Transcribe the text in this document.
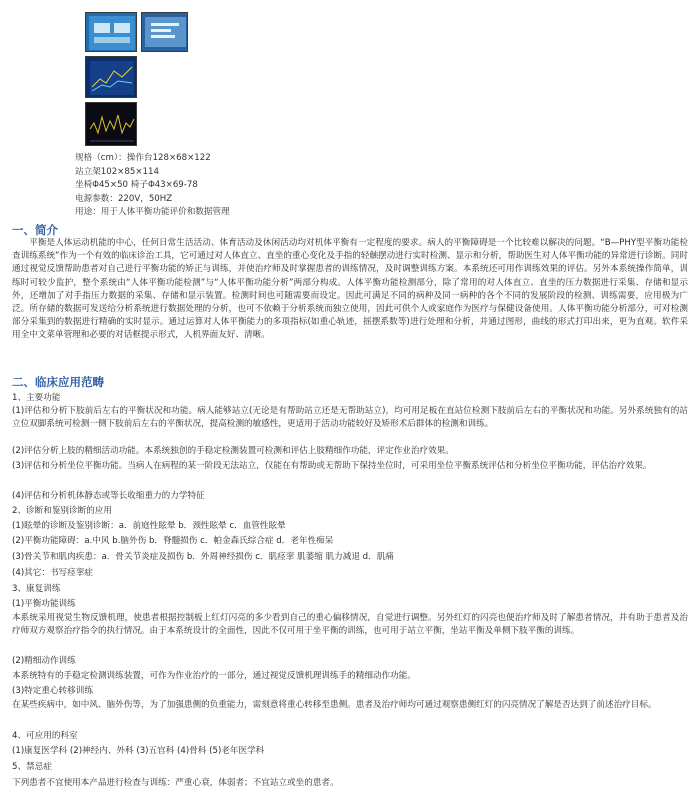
规格（cm）：操作台128×68×122
站立架102×85×114
坐椅Φ45×50 椅子Φ43×69-78
电源参数：220V，50HZ
用途：用于人体平衡功能评价和数据管理
一、简介
平衡是人体运动机能的中心，任何日常生活活动、体育活动及休闲活动均对机体平衡有一定程度的要求。病人的平衡障碍是一个比较难以解决的问题。“B—PHY型平衡功能检查训练系统”作为一个有效的临床诊治工具，它可通过对人体直立、直坐的重心变化及手指的轻触摆动进行实时检测、显示和分析，帮助医生对人体平衡功能的异常进行诊断。同时通过视觉反馈帮助患者对自己进行平衡功能的矫正与训练，并使治疗师及时掌握患者的训练情况，及时调整训练方案。本系统还可用作训练效果的评估。另外本系统操作简单，训练时可较少监护，整个系统由“人体平衡功能检测”与“人体平衡功能分析”两部分构成。人体平衡功能检测部分，除了常用的对人体直立、直坐的压力数据进行采集、存储和显示外，还增加了对手指压力数据的采集、存储和显示装置。检测时间也可随需要而设定。因此可满足不同的病种及同一病种的各个不同的发展阶段的检测、训练需要，应用极为广泛。所存储的数据可发送给分析系统进行数据处理的分析，也可不依赖于分析系统而独立使用，因此可供个人或家庭作为医疗与保健设备使用。人体平衡功能分析部分，可对检测部分采集到的数据进行精确的实时显示。通过运算对人体平衡能力的多项指标(如重心轨迹，摇摆系数等)进行处理和分析，并通过图形，曲线的形式打印出来，更为直观。软件采用全中文菜单管理和必要的对话框提示形式，人机界面友好、清晰。
二、临床应用范畴
1、主要功能
(1)评估和分析下肢前后左右的平衡状况和功能。病人能够站立(无论是有帮助站立还是无帮助站立)，均可用足板在直站位检测下肢前后左右的平衡状况和功能。另外系统独有的站立位双脚系统可检测一侧下肢前后左右的平衡状况，提高检测的敏感性，更适用于活动功能较好及矫形术后群体的检测和训练。
(2)评估分析上肢的精细活动功能。本系统独创的手稳定检测装置可检测和评估上肢精细作功能，评定作业治疗效果。
(3)评估和分析坐位平衡功能。当病人在病程的某一阶段无法站立，仅能在有帮助或无帮助下保持坐位时，可采用坐位平衡系统评估和分析坐位平衡功能，评估治疗效果。
(4)评估和分析机体静态或等长收缩重力的力学特征
2、诊断和鉴别诊断的应用
(1)眩晕的诊断及鉴别诊断：a．前庭性眩晕 b．颈性眩晕 c．血管性眩晕
(2)平衡功能障碍：a.中风 b.脑外伤 b．脊髓损伤 c．帕金森氏综合症 d．老年性痴呆
(3)骨关节和肌肉疾患：a．骨关节炎症及损伤 b．外周神经损伤 c．肌痉挛 肌萎缩 肌力减退 d．肌痛
(4)其它：书写痉挛症
3、康复训练
(1)平衡功能训练
本系统采用视觉生物反馈机理，使患者根据控制板上红灯闪亮的多少看到自己的重心偏移情况，自觉进行调整。另外红灯的闪亮也便治疗师及时了解患者情况，并有助于患者及治疗师双方观察治疗指令的执行情况。由于本系统设计的全面性，因此不仅可用于坐平衡的训练，也可用于站立平衡，坐站平衡及单侧下肢平衡的训练。
(2)精细动作训练
本系统特有的手稳定检测训练装置，可作为作业治疗的一部分，通过视觉反馈机理训练手的精细动作功能。
(3)特定重心转移训练
在某些疾病中，如中风、脑外伤等，为了加强患侧的负重能力，需刻意将重心转移至患侧。患者及治疗师均可通过观察患侧红灯的闪亮情况了解是否达到了前述治疗目标。
4、可应用的科室
(1)康复医学科 (2)神经内、外科 (3)五官科 (4)骨科 (5)老年医学科
5、禁忌症
下列患者不宜使用本产品进行检查与训练：严重心衰，体弱者；不宜站立或坐的患者。
